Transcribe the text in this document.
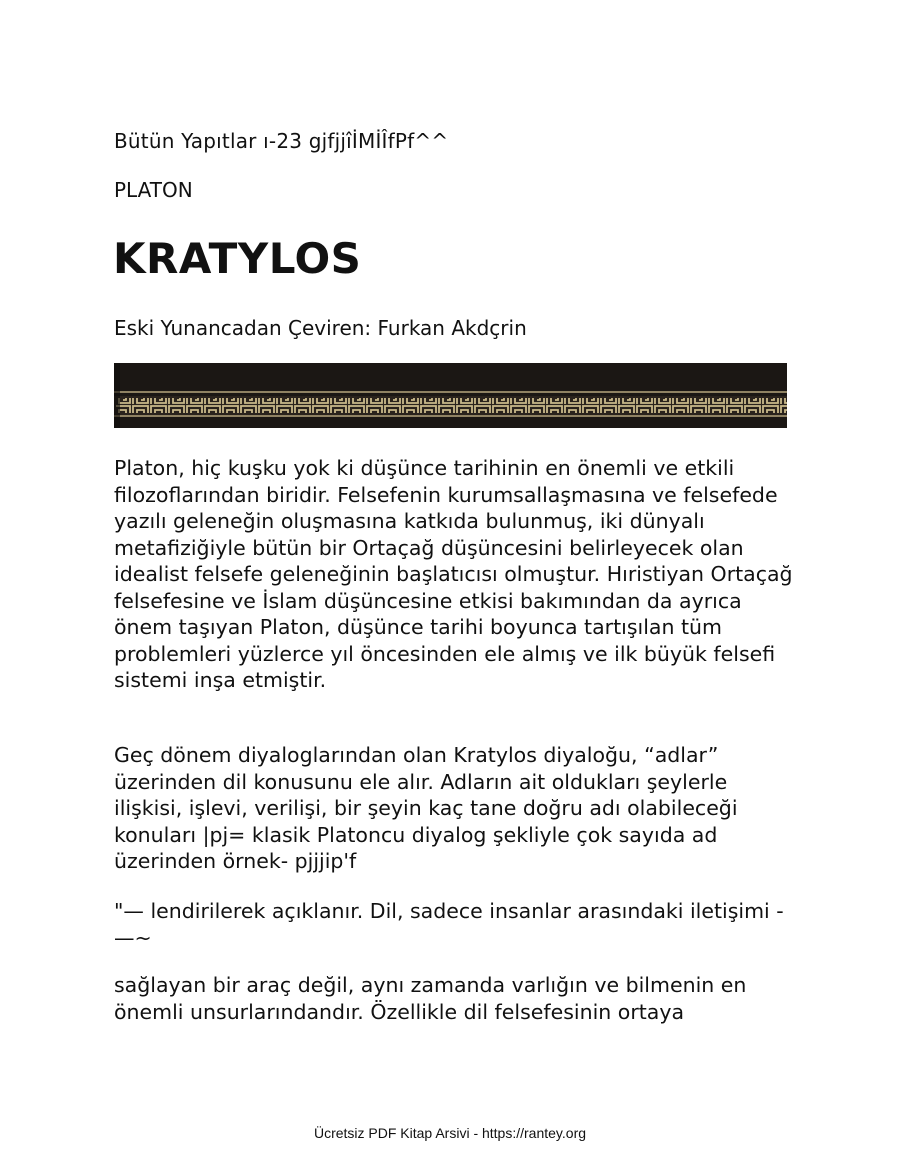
Bütün Yapıtlar ı-23 gjfjjîİMİÎfPf^^
PLATON
KRATYLOS
Eski Yunancadan Çeviren: Furkan Akdçrin

Platon, hiç kuşku yok ki düşünce tarihinin en önemli ve etkili filozoflarından biridir. Felsefenin kurumsallaşmasına ve felsefede yazılı geleneğin oluşmasına katkıda bulunmuş, iki dünyalı metafiziğiyle bütün bir Ortaçağ düşüncesini belirleyecek olan idealist felsefe geleneğinin başlatıcısı olmuştur. Hıristiyan Ortaçağ felsefesine ve İslam düşüncesine etkisi bakımından da ayrıca önem taşıyan Platon, düşünce tarihi boyunca tartışılan tüm problemleri yüzlerce yıl öncesinden ele almış ve ilk büyük felsefi sistemi inşa etmiştir.

Geç dönem diyaloglarından olan Kratylos diyaloğu, “adlar” üzerinden dil konusunu ele alır. Adların ait oldukları şeylerle ilişkisi, işlevi, verilişi, bir şeyin kaç tane doğru adı olabileceği konuları |pj= klasik Platoncu diyalog şekliyle çok sayıda ad üzerinden örnek- pjjjip'f

"— lendirilerek açıklanır. Dil, sadece insanlar arasındaki iletişimi -—~

sağlayan bir araç değil, aynı zamanda varlığın ve bilmenin en önemli unsurlarındandır. Özellikle dil felsefesinin ortaya

Ücretsiz PDF Kitap Arsivi - https://rantey.org
